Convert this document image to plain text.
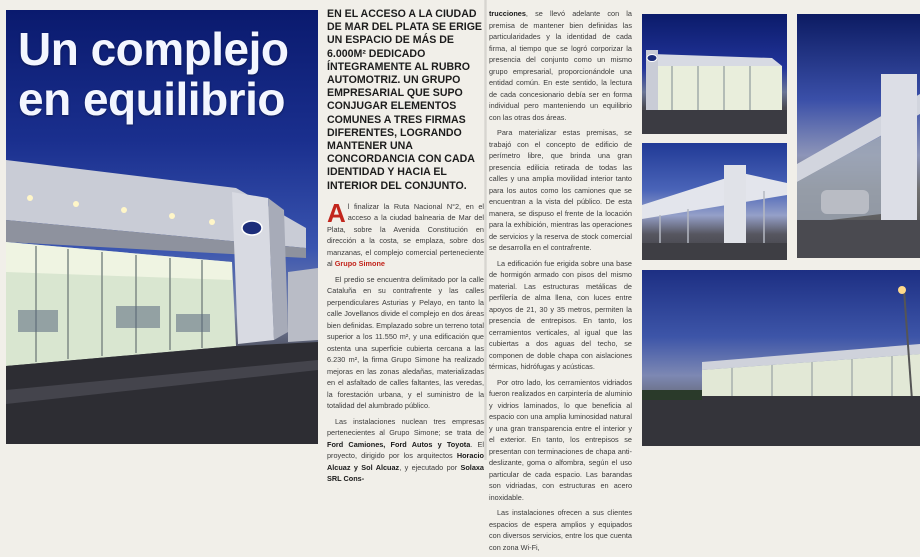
Un complejo
en equilibrio

EN EL ACCESO A LA CIUDAD DE MAR DEL PLATA SE ERIGE UN ESPACIO DE MÁS DE 6.000M² DEDICADO ÍNTEGRAMENTE AL RUBRO AUTOMOTRIZ. UN GRUPO EMPRESARIAL QUE SUPO CONJUGAR ELEMENTOS COMUNES A TRES FIRMAS DIFERENTES, LOGRANDO MANTENER UNA CONCORDANCIA CON CADA IDENTIDAD Y HACIA EL INTERIOR DEL CONJUNTO.

Al finalizar la Ruta Nacional N°2, en el acceso a la ciudad balnearia de Mar del Plata, sobre la Avenida Constitución en dirección a la costa, se emplaza, sobre dos manzanas, el complejo comercial perteneciente al Grupo Simone

El predio se encuentra delimitado por la calle Cataluña en su contrafrente y las calles perpendiculares Asturias y Pelayo, en tanto la calle Jovellanos divide el complejo en dos áreas bien definidas. Emplazado sobre un terreno total superior a los 11.550 m², y una edificación que ostenta una superficie cubierta cercana a las 6.230 m², la firma Grupo Simone ha realizado mejoras en las zonas aledañas, materializadas en el asfaltado de calles faltantes, las veredas, la forestación urbana, y el suministro de la totalidad del alumbrado público.

Las instalaciones nuclean tres empresas pertenecientes al Grupo Simone; se trata de Ford Camiones, Ford Autos y Toyota. El proyecto, dirigido por los arquitectos Horacio Alcuaz y Sol Alcuaz, y ejecutado por Solaxa SRL Cons-

trucciones, se llevó adelante con la premisa de mantener bien definidas las particularidades y la identidad de cada firma, al tiempo que se logró corporizar la presencia del conjunto como un mismo grupo empresarial, proporcionándole una entidad común. En este sentido, la lectura de cada concesionario debía ser en forma individual pero manteniendo un equilibrio con las otras dos áreas.

Para materializar estas premisas, se trabajó con el concepto de edificio de perímetro libre, que brinda una gran presencia edilicia retirada de todas las calles y una amplia movilidad interior tanto para los autos como los camiones que se encuentran a la vista del público. De esta manera, se dispuso el frente de la locación para la exhibición, mientras las operaciones de servicios y la reserva de stock comercial se desarrolla en el contrafrente.

La edificación fue erigida sobre una base de hormigón armado con pisos del mismo material. Las estructuras metálicas de perfilería de alma llena, con luces entre apoyos de 21, 30 y 35 metros, permiten la presencia de entrepisos. En tanto, los cerramientos verticales, al igual que las cubiertas a dos aguas del techo, se componen de doble chapa con aislaciones térmicas, hidrófugas y acústicas.

Por otro lado, los cerramientos vidriados fueron realizados en carpintería de aluminio y vidrios laminados, lo que beneficia al espacio con una amplia luminosidad natural y una gran transparencia entre el interior y el exterior. En tanto, los entrepisos se presentan con terminaciones de chapa anti-deslizante, goma o alfombra, según el uso particular de cada espacio. Las barandas son vidriadas, con estructuras en acero inoxidable.

Las instalaciones ofrecen a sus clientes espacios de espera amplios y equipados con diversos servicios, entre los que cuenta con zona Wi-Fi,
